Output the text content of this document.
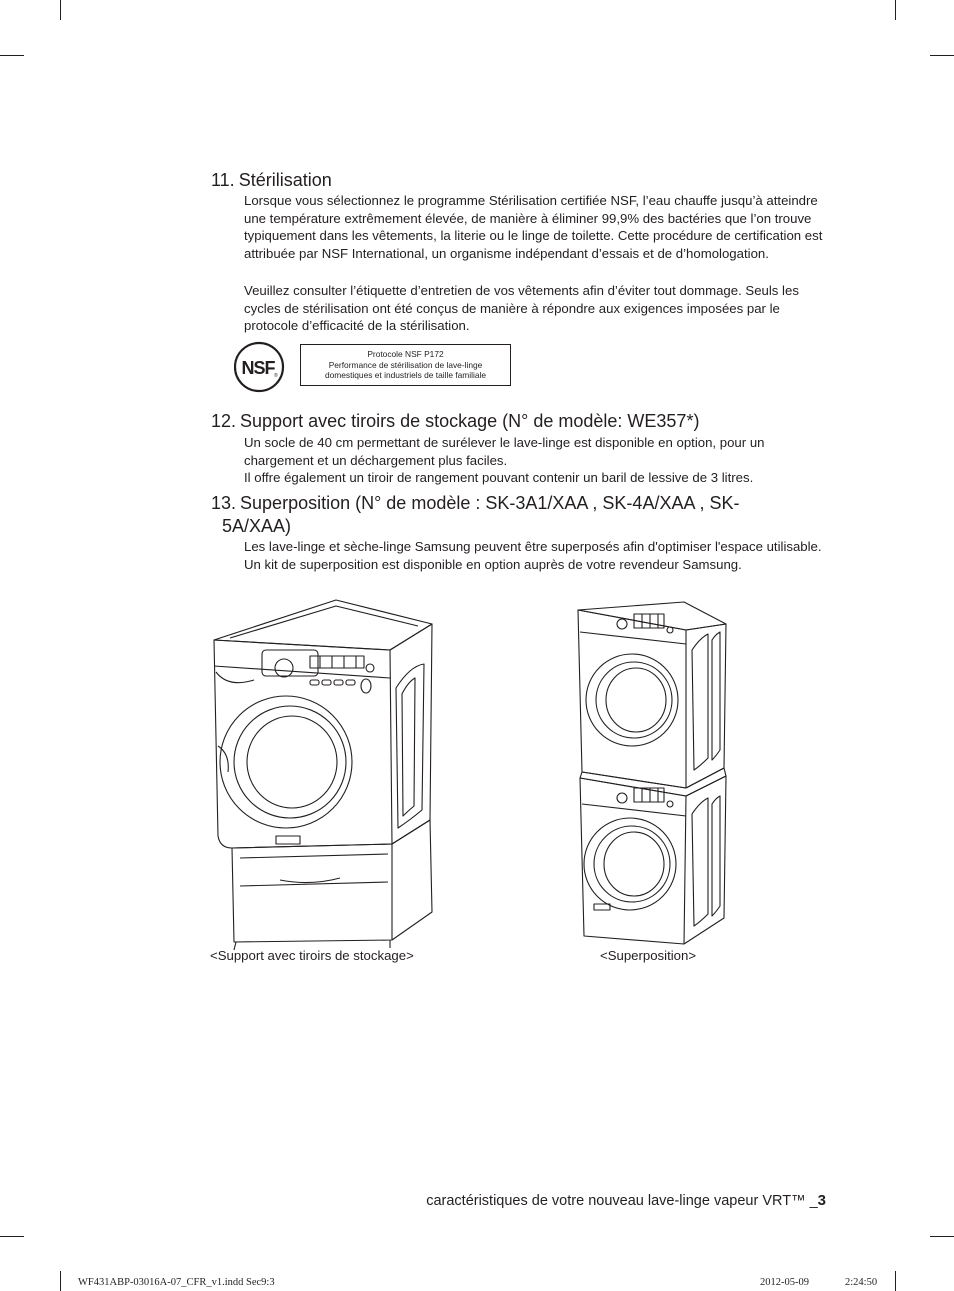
11. Stérilisation

Lorsque vous sélectionnez le programme Stérilisation certifiée NSF, l’eau chauffe jusqu’à atteindre une température extrêmement élevée, de manière à éliminer 99,9% des bactéries que l’on trouve typiquement dans les vêtements, la literie ou le linge de toilette. Cette procédure de certification est attribuée par NSF International, un organisme indépendant d’essais et de d’homologation.

Veuillez consulter l’étiquette d’entretien de vos vêtements afin d’éviter tout dommage. Seuls les cycles de stérilisation ont été conçus de manière à répondre aux exigences imposées par le protocole d’efficacité de la stérilisation.

NSF ®
Protocole NSF P172
Performance de stérilisation de lave-linge
domestiques et industriels de taille familiale
12. Support avec tiroirs de stockage (N° de modèle: WE357*)

Un socle de 40 cm permettant de surélever le lave-linge est disponible en option, pour un chargement et un déchargement plus faciles.

Il offre également un tiroir de rangement pouvant contenir un baril de lessive de 3 litres.

13. Superposition (N° de modèle : SK-3A1/XAA , SK-4A/XAA , SK-
5A/XAA)

Les lave-linge et sèche-linge Samsung peuvent être superposés afin d'optimiser l'espace utilisable. Un kit de superposition est disponible en option auprès de votre revendeur Samsung.

<Support avec tiroirs de stockage>	<Superposition>
caractéristiques de votre nouveau lave-linge vapeur VRT™ _3
WF431ABP-03016A-07_CFR_v1.indd Sec9:3	2012-05-09	2:24:50
